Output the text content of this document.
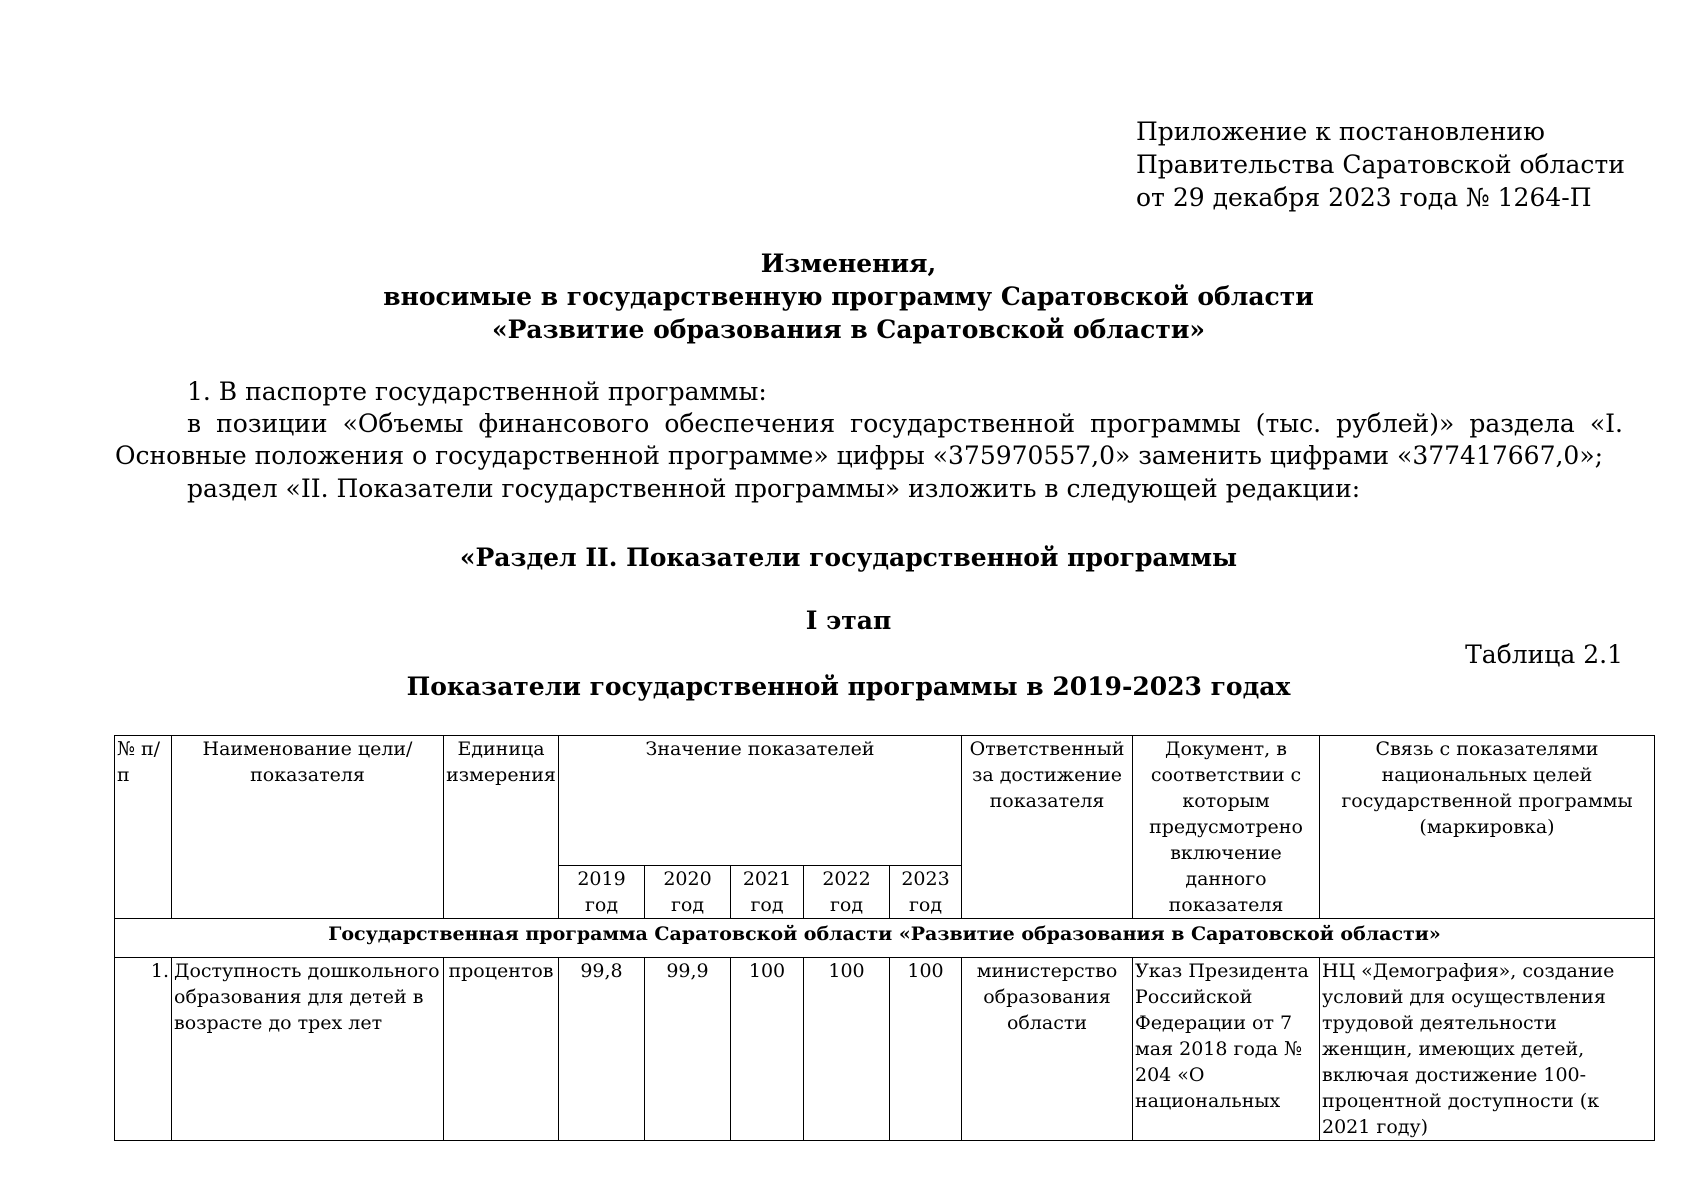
Приложение к постановлению
Правительства Саратовской области
от 29 декабря 2023 года № 1264-П
Изменения,
вносимые в государственную программу Саратовской области
«Развитие образования в Саратовской области»
1. В паспорте государственной программы:
в позиции «Объемы финансового обеспечения государственной программы (тыс. рублей)» раздела «I. Основные положения о государственной программе» цифры «375970557,0» заменить цифрами «377417667,0»;
раздел «II. Показатели государственной программы» изложить в следующей редакции:
«Раздел II. Показатели государственной программы
I этап
Таблица 2.1
Показатели государственной программы в 2019-2023 годах
№ п/п	Наименование цели/показателя	Единица измерения	Значение показателей					Ответственный за достижение показателя	Документ, в соответствии с которым предусмотрено включение данного показателя	Связь с показателями национальных целей государственной программы (маркировка)
			2019 год	2020 год	2021 год	2022 год	2023 год			
Государственная программа Саратовской области «Развитие образования в Саратовской области»										
1.	Доступность дошкольного образования для детей в возрасте до трех лет	процентов	99,8	99,9	100	100	100	министерство образования области	Указ Президента Российской Федерации от 7 мая 2018 года № 204 «О национальных	НЦ «Демография», создание условий для осуществления трудовой деятельности женщин, имеющих детей, включая достижение 100-процентной доступности (к 2021 году)
